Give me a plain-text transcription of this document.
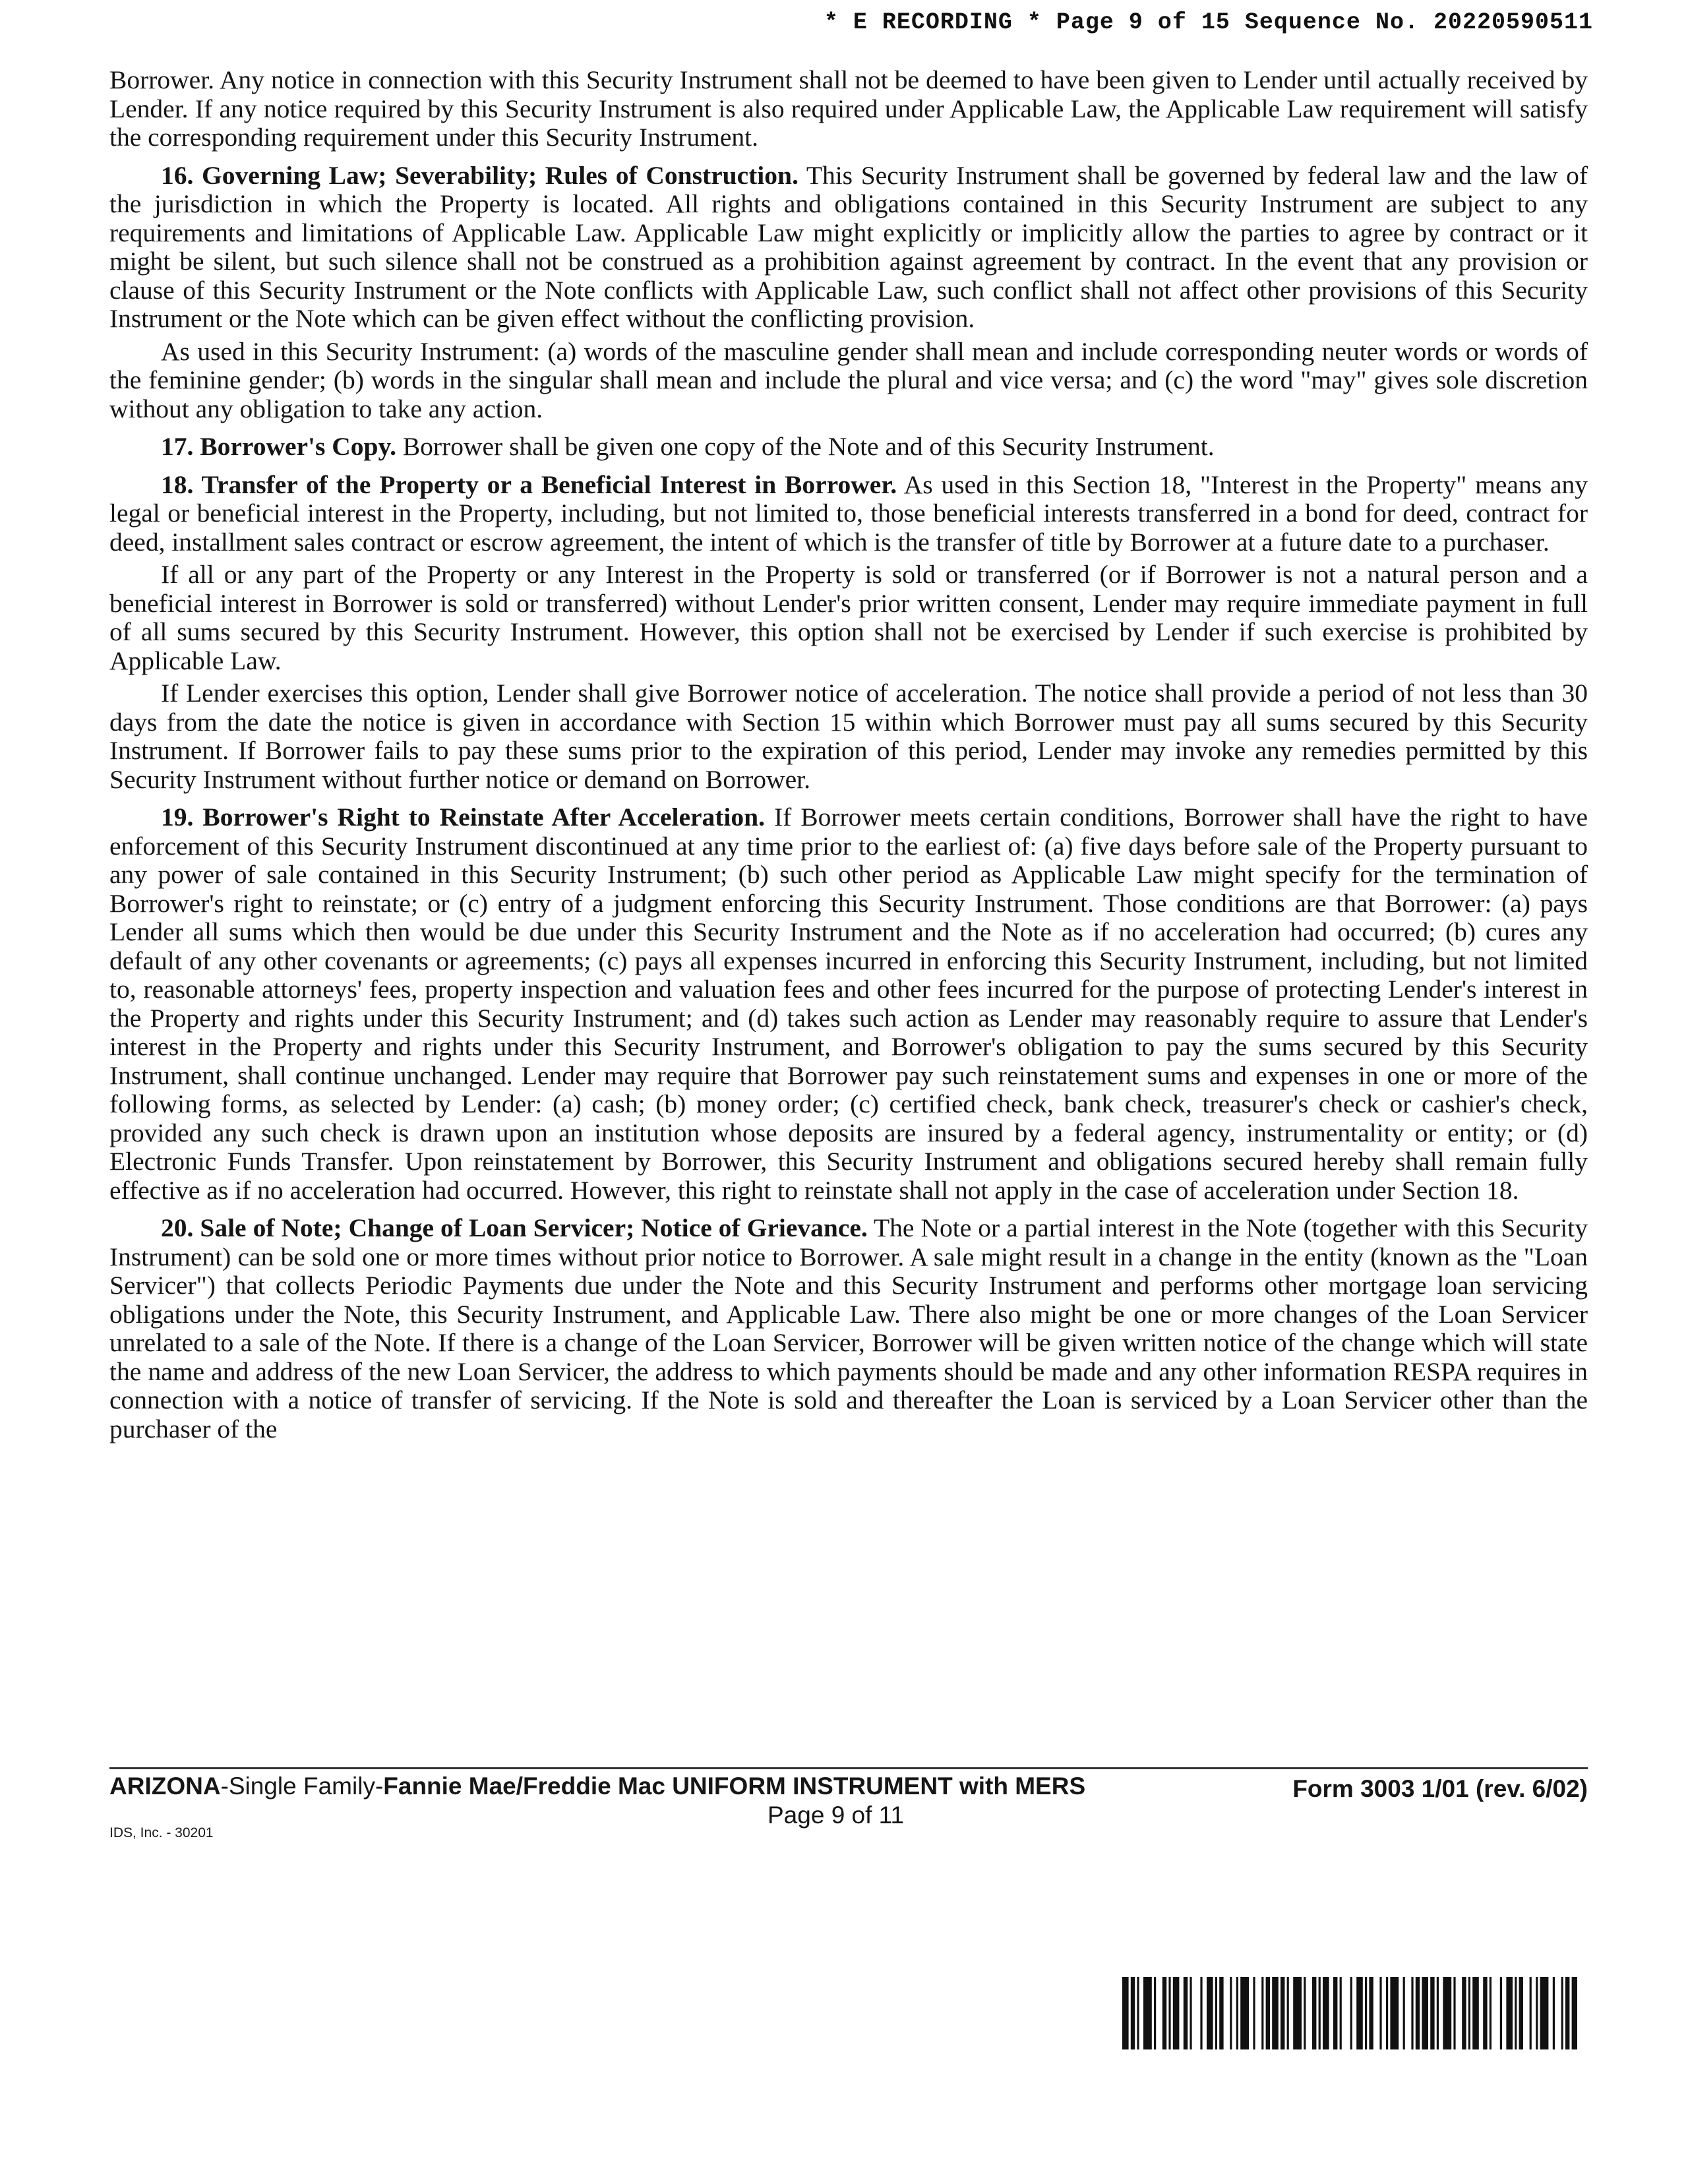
* E RECORDING * Page 9 of 15 Sequence No. 20220590511

Borrower. Any notice in connection with this Security Instrument shall not be deemed to have been given to Lender until actually received by Lender. If any notice required by this Security Instrument is also required under Applicable Law, the Applicable Law requirement will satisfy the corresponding requirement under this Security Instrument.

16. Governing Law; Severability; Rules of Construction. This Security Instrument shall be governed by federal law and the law of the jurisdiction in which the Property is located. All rights and obligations contained in this Security Instrument are subject to any requirements and limitations of Applicable Law. Applicable Law might explicitly or implicitly allow the parties to agree by contract or it might be silent, but such silence shall not be construed as a prohibition against agreement by contract. In the event that any provision or clause of this Security Instrument or the Note conflicts with Applicable Law, such conflict shall not affect other provisions of this Security Instrument or the Note which can be given effect without the conflicting provision.

As used in this Security Instrument: (a) words of the masculine gender shall mean and include corresponding neuter words or words of the feminine gender; (b) words in the singular shall mean and include the plural and vice versa; and (c) the word "may" gives sole discretion without any obligation to take any action.

17. Borrower's Copy. Borrower shall be given one copy of the Note and of this Security Instrument.

18. Transfer of the Property or a Beneficial Interest in Borrower. As used in this Section 18, "Interest in the Property" means any legal or beneficial interest in the Property, including, but not limited to, those beneficial interests transferred in a bond for deed, contract for deed, installment sales contract or escrow agreement, the intent of which is the transfer of title by Borrower at a future date to a purchaser.

If all or any part of the Property or any Interest in the Property is sold or transferred (or if Borrower is not a natural person and a beneficial interest in Borrower is sold or transferred) without Lender's prior written consent, Lender may require immediate payment in full of all sums secured by this Security Instrument. However, this option shall not be exercised by Lender if such exercise is prohibited by Applicable Law.

If Lender exercises this option, Lender shall give Borrower notice of acceleration. The notice shall provide a period of not less than 30 days from the date the notice is given in accordance with Section 15 within which Borrower must pay all sums secured by this Security Instrument. If Borrower fails to pay these sums prior to the expiration of this period, Lender may invoke any remedies permitted by this Security Instrument without further notice or demand on Borrower.

19. Borrower's Right to Reinstate After Acceleration. If Borrower meets certain conditions, Borrower shall have the right to have enforcement of this Security Instrument discontinued at any time prior to the earliest of: (a) five days before sale of the Property pursuant to any power of sale contained in this Security Instrument; (b) such other period as Applicable Law might specify for the termination of Borrower's right to reinstate; or (c) entry of a judgment enforcing this Security Instrument. Those conditions are that Borrower: (a) pays Lender all sums which then would be due under this Security Instrument and the Note as if no acceleration had occurred; (b) cures any default of any other covenants or agreements; (c) pays all expenses incurred in enforcing this Security Instrument, including, but not limited to, reasonable attorneys' fees, property inspection and valuation fees and other fees incurred for the purpose of protecting Lender's interest in the Property and rights under this Security Instrument; and (d) takes such action as Lender may reasonably require to assure that Lender's interest in the Property and rights under this Security Instrument, and Borrower's obligation to pay the sums secured by this Security Instrument, shall continue unchanged. Lender may require that Borrower pay such reinstatement sums and expenses in one or more of the following forms, as selected by Lender: (a) cash; (b) money order; (c) certified check, bank check, treasurer's check or cashier's check, provided any such check is drawn upon an institution whose deposits are insured by a federal agency, instrumentality or entity; or (d) Electronic Funds Transfer. Upon reinstatement by Borrower, this Security Instrument and obligations secured hereby shall remain fully effective as if no acceleration had occurred. However, this right to reinstate shall not apply in the case of acceleration under Section 18.

20. Sale of Note; Change of Loan Servicer; Notice of Grievance. The Note or a partial interest in the Note (together with this Security Instrument) can be sold one or more times without prior notice to Borrower. A sale might result in a change in the entity (known as the "Loan Servicer") that collects Periodic Payments due under the Note and this Security Instrument and performs other mortgage loan servicing obligations under the Note, this Security Instrument, and Applicable Law. There also might be one or more changes of the Loan Servicer unrelated to a sale of the Note. If there is a change of the Loan Servicer, Borrower will be given written notice of the change which will state the name and address of the new Loan Servicer, the address to which payments should be made and any other information RESPA requires in connection with a notice of transfer of servicing. If the Note is sold and thereafter the Loan is serviced by a Loan Servicer other than the purchaser of the

ARIZONA-Single Family-Fannie Mae/Freddie Mac UNIFORM INSTRUMENT with MERS	Form 3003 1/01 (rev. 6/02)
Page 9 of 11
IDS, Inc. - 30201
